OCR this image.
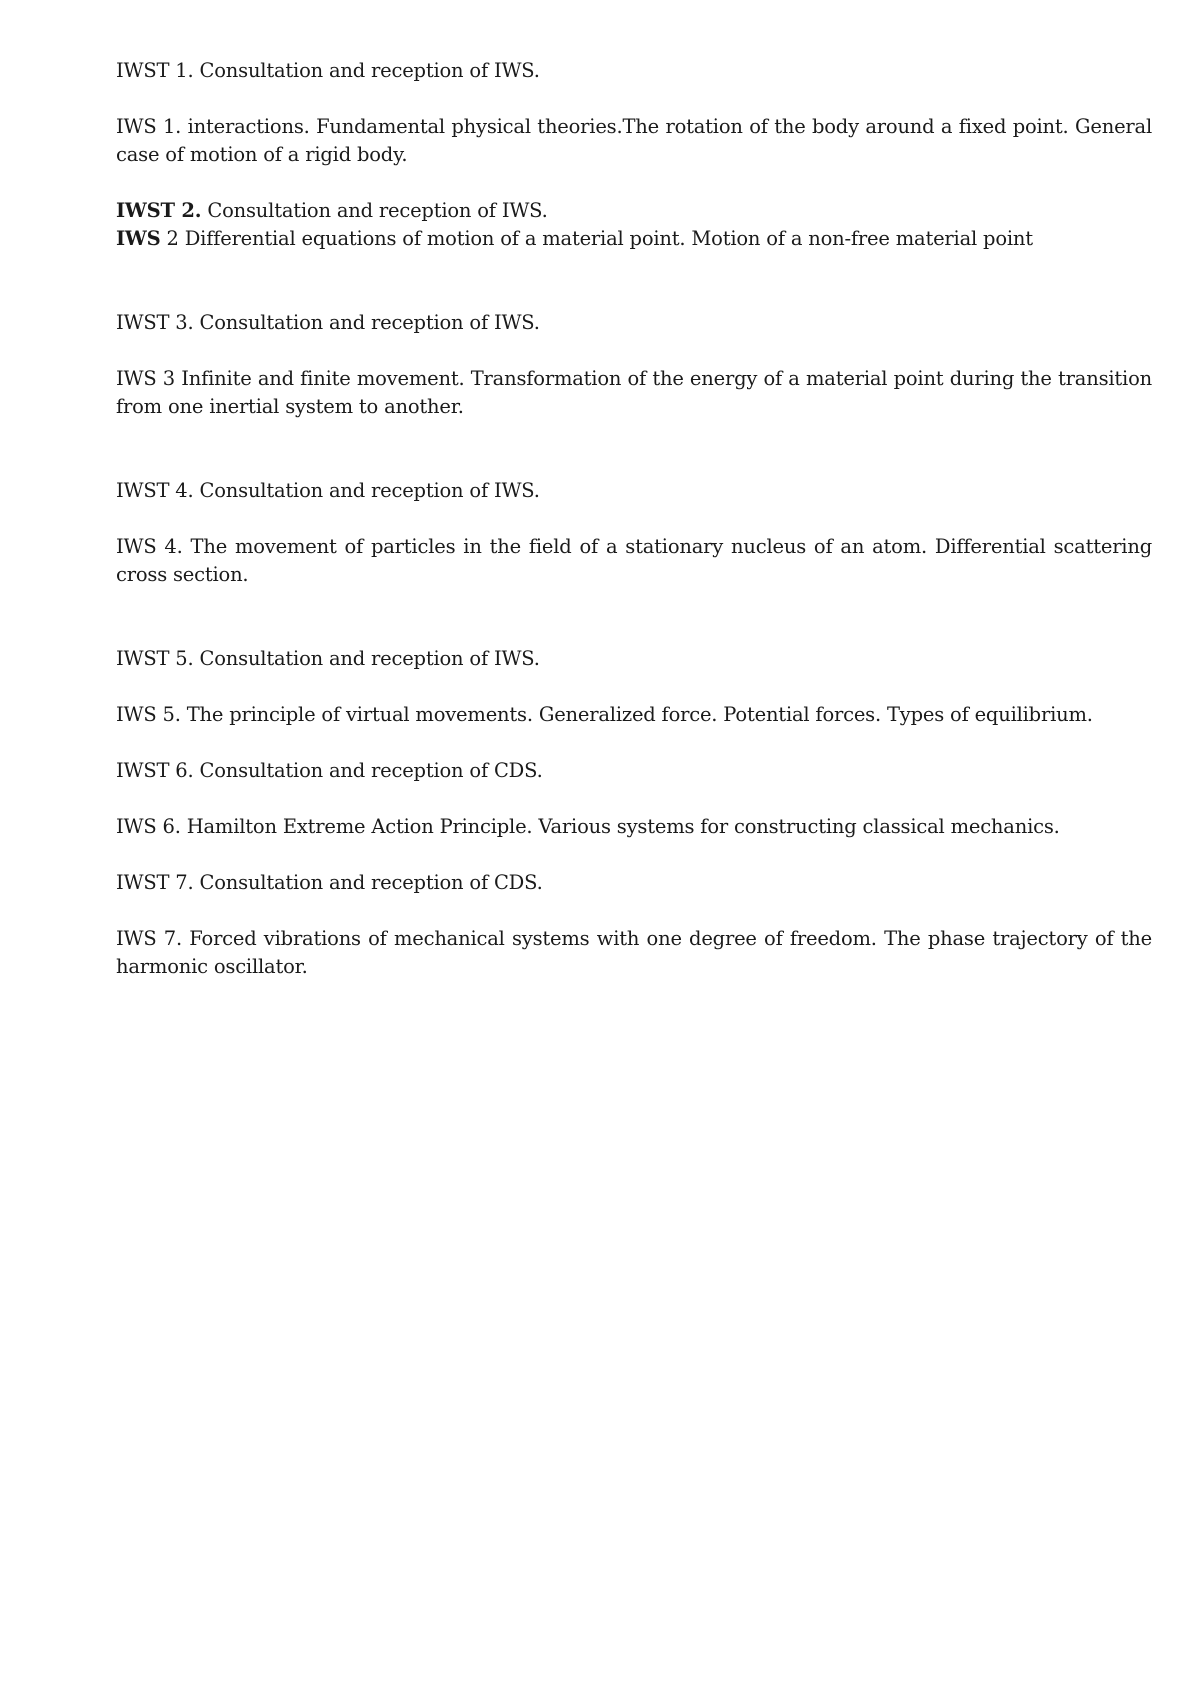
IWST 1. Consultation and reception of IWS.

IWS 1. interactions. Fundamental physical theories.The rotation of the body around a fixed point. General case of motion of a rigid body.

IWST 2. Consultation and reception of IWS.

IWS 2 Differential equations of motion of a material point. Motion of a non-free material point

IWST 3. Consultation and reception of IWS.

IWS 3 Infinite and finite movement. Transformation of the energy of a material point during the transition from one inertial system to another.

IWST 4. Consultation and reception of IWS.

IWS 4. The movement of particles in the field of a stationary nucleus of an atom. Differential scattering cross section.

IWST 5. Consultation and reception of IWS.

IWS 5. The principle of virtual movements. Generalized force. Potential forces. Types of equilibrium.

IWST 6. Consultation and reception of CDS.

IWS 6. Hamilton Extreme Action Principle. Various systems for constructing classical mechanics.

IWST 7. Consultation and reception of CDS.

IWS 7. Forced vibrations of mechanical systems with one degree of freedom. The phase trajectory of the harmonic oscillator.
